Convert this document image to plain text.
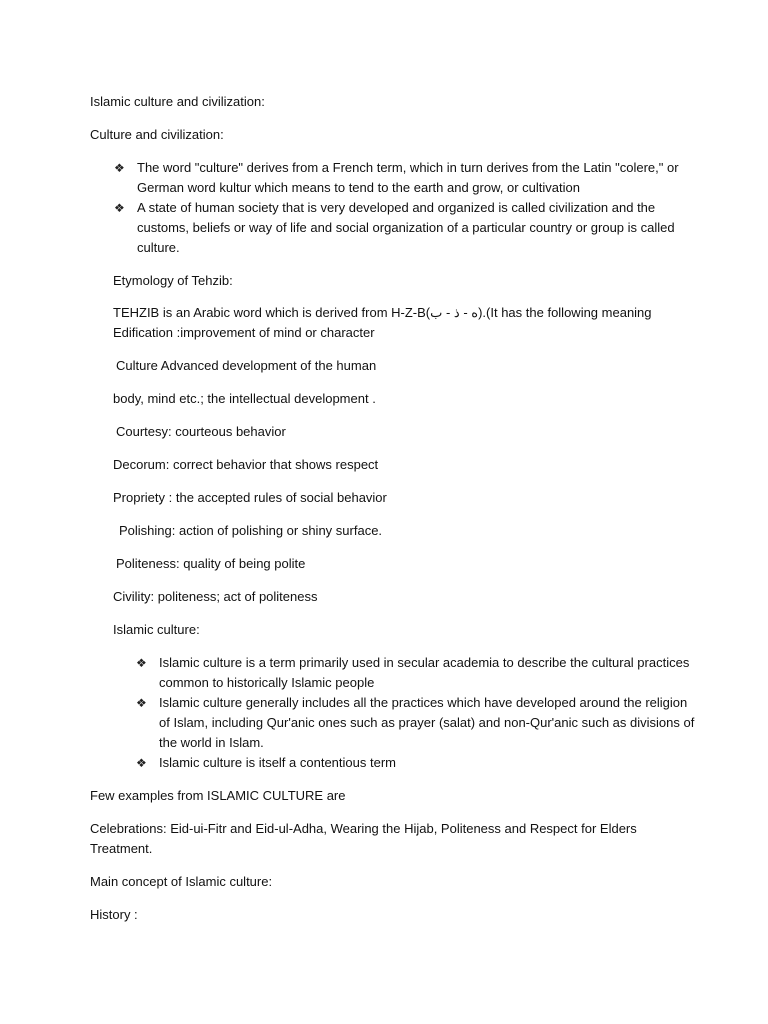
Islamic culture and civilization:

Culture and civilization:

❖ The word "culture" derives from a French term, which in turn derives from the Latin "colere," or

German word kultur which means to tend to the earth and grow, or cultivation

❖ A state of human society that is very developed and organized is called civilization and the

customs, beliefs or way of life and social organization of a particular country or group is called

culture.

Etymology of Tehzib:

TEHZIB is an Arabic word which is derived from H-Z-B(ه - ذ - ب).(It has the following meaning

Edification :improvement of mind or character

Culture Advanced development of the human

body, mind etc.; the intellectual development .

Courtesy: courteous behavior

Decorum: correct behavior that shows respect

Propriety : the accepted rules of social behavior

Polishing: action of polishing or shiny surface.

Politeness: quality of being polite

Civility: politeness; act of politeness

Islamic culture:

❖ Islamic culture is a term primarily used in secular academia to describe the cultural practices

common to historically Islamic people

❖ Islamic culture generally includes all the practices which have developed around the religion

of Islam, including Qur'anic ones such as prayer (salat) and non-Qur'anic such as divisions of

the world in Islam.

❖ Islamic culture is itself a contentious term

Few examples from ISLAMIC CULTURE are

Celebrations: Eid-ui-Fitr and Eid-ul-Adha, Wearing the Hijab, Politeness and Respect for Elders

Treatment.

Main concept of Islamic culture:

History :
